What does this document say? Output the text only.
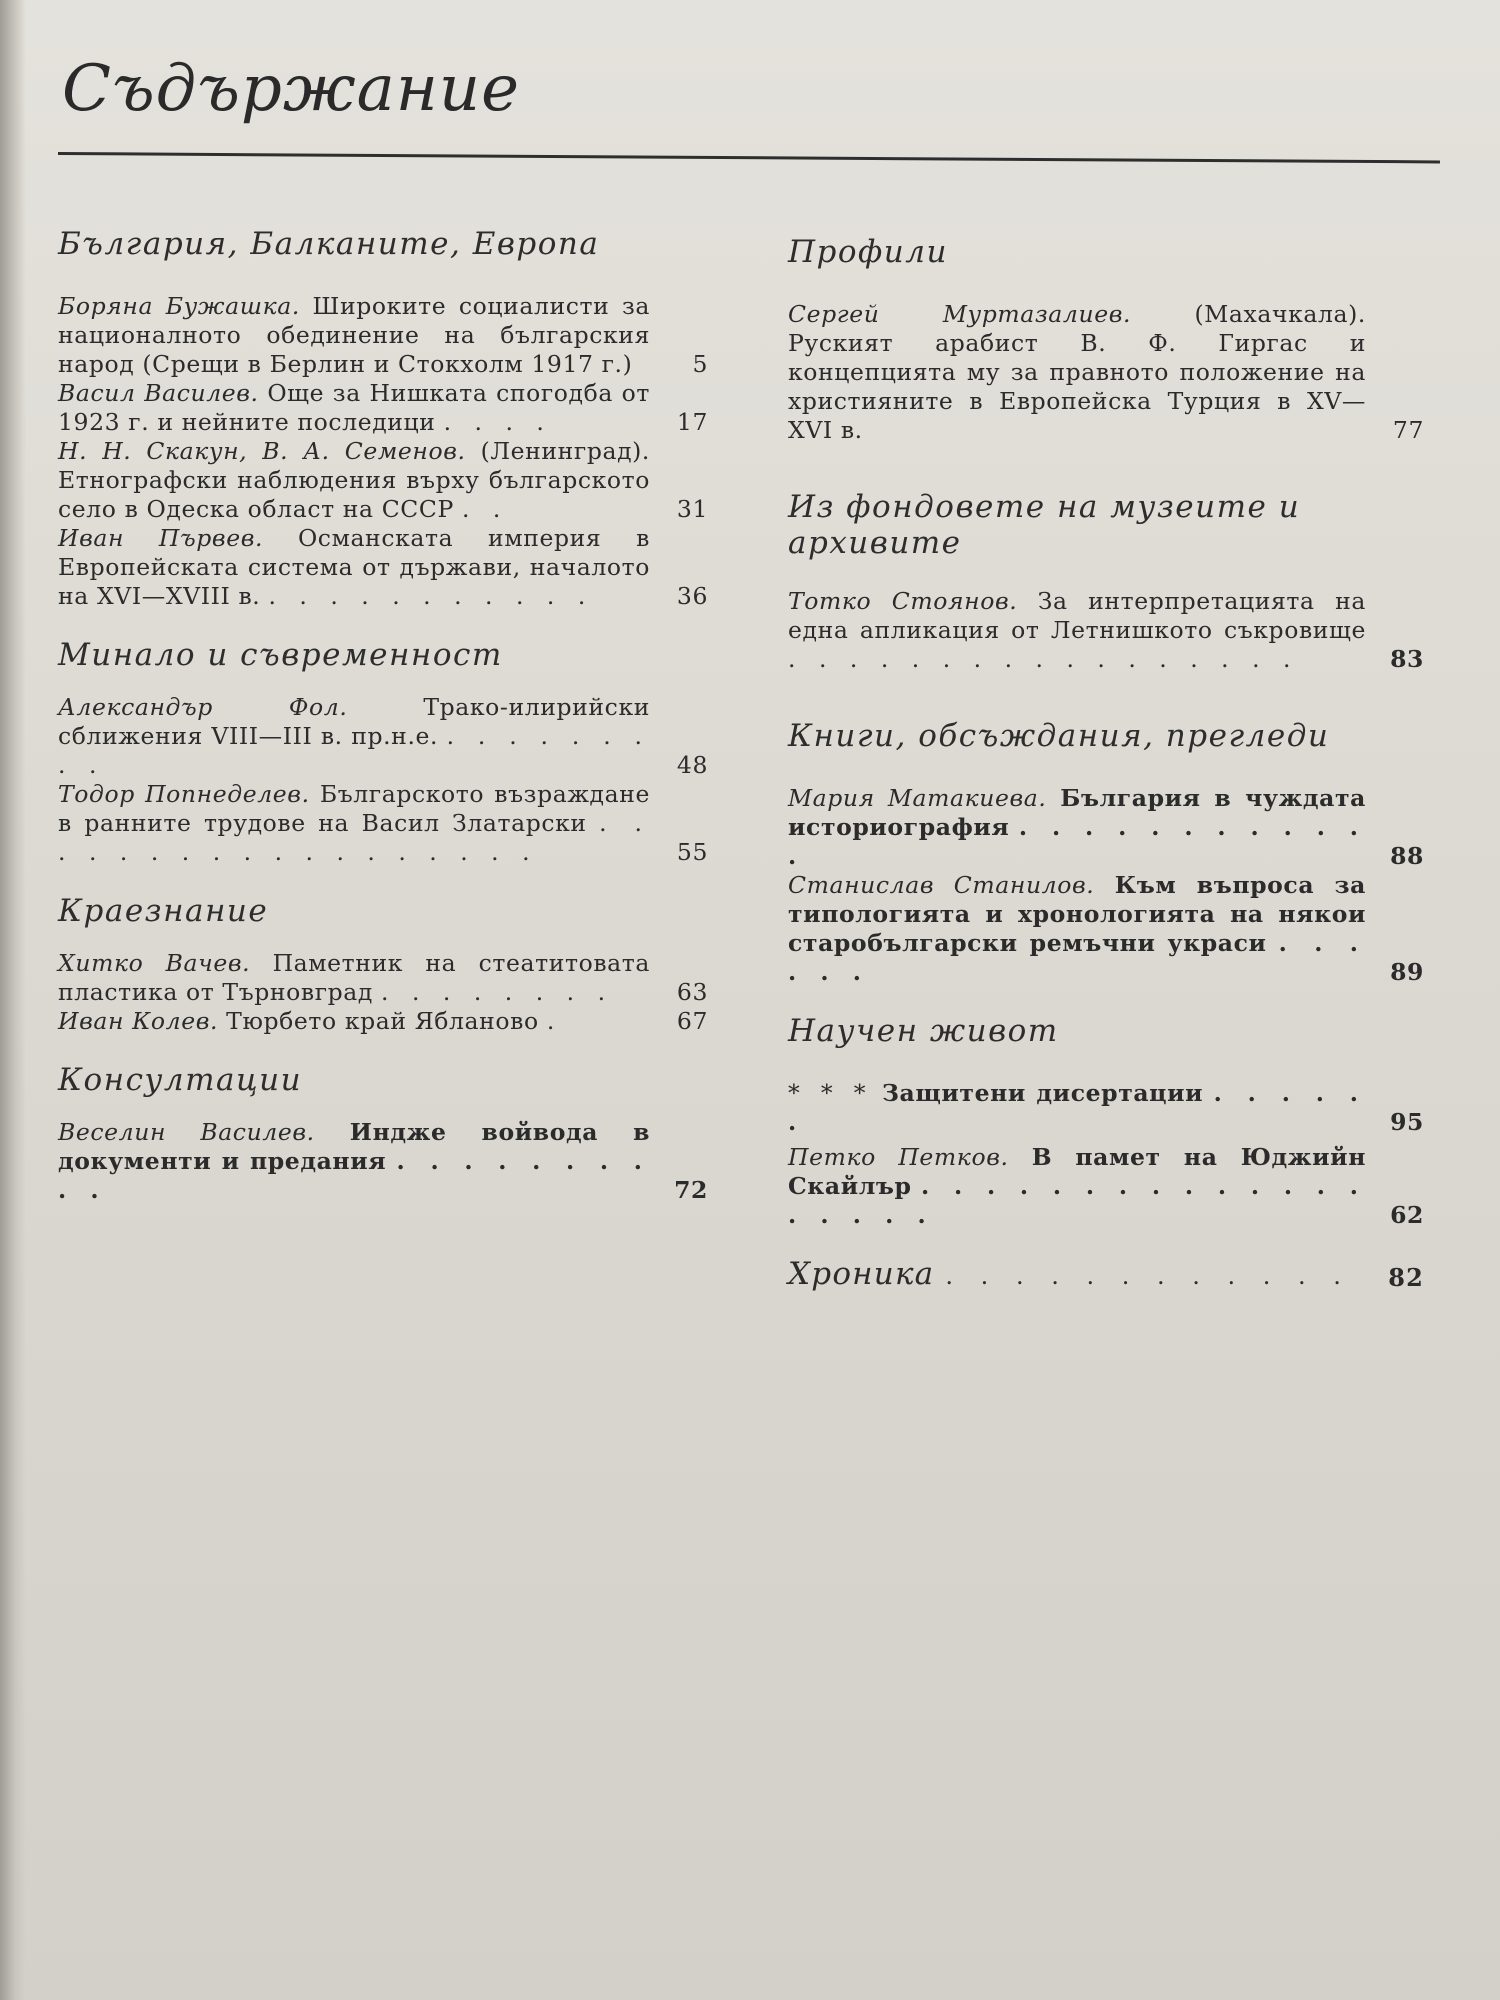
Съдържание
България, Балканите, Европа
Боряна Бужашка. Широките социалисти за националното обединение на българския народ (Срещи в Берлин и Стокхолм 1917 г.)	5
Васил Василев. Още за Нишката спогодба от 1923 г. и нейните последици . . . .	17
Н. Н. Скакун, В. А. Семенов. (Ленинград). Етнографски наблюдения върху българското село в Одеска област на СССР . .	31
Иван Първев. Османската империя в Европейската система от държави, началото на XVI—XVIII в. . . . . . . . . . . .	36
Минало и съвременност
Александър Фол.	Трако-илирийски сближения VIII—III в. пр.н.е. . . . . . . . . .	48
Тодор Попнеделев. Българското възраждане в ранните трудове на Васил Златарски . . . . . . . . . . . . . . . . . .	55
Краезнание
Хитко Вачев. Паметник на стеатитовата пластика от Търновград . . . . . . . .	63
Иван Колев. Тюрбето край Ябланово .	67
Консултации
Веселин Василев. Индже войвода в документи и предания . . . . . . . . . .	72
Профили
Сергей Муртазалиев.	(Махачкала). Руският арабист В. Ф. Гиргас и концепцията му за правното положение на християните в Европейска Турция в XV—XVI в.	77
Из фондовете на музеите и архивите
Тотко Стоянов. За интерпретацията на една апликация от Летнишкото съкровище . . . . . . . . . . . . . . . . .	83
Книги, обсъждания, прегледи
Мария Матакиева. България в чуждата историография . . . . . . . . . . . .	88
Станислав Станилов. Към въпроса за типологията и хронологията на някои старобългарски ремъчни украси . . . . . .	89
Научен живот
* * * Защитени дисертации . . . . . .	95
Петко Петков. В памет на Юджийн Скайлър . . . . . . . . . . . . . . . . . . .	62
Хроника . . . . . . . . . . . .	82
